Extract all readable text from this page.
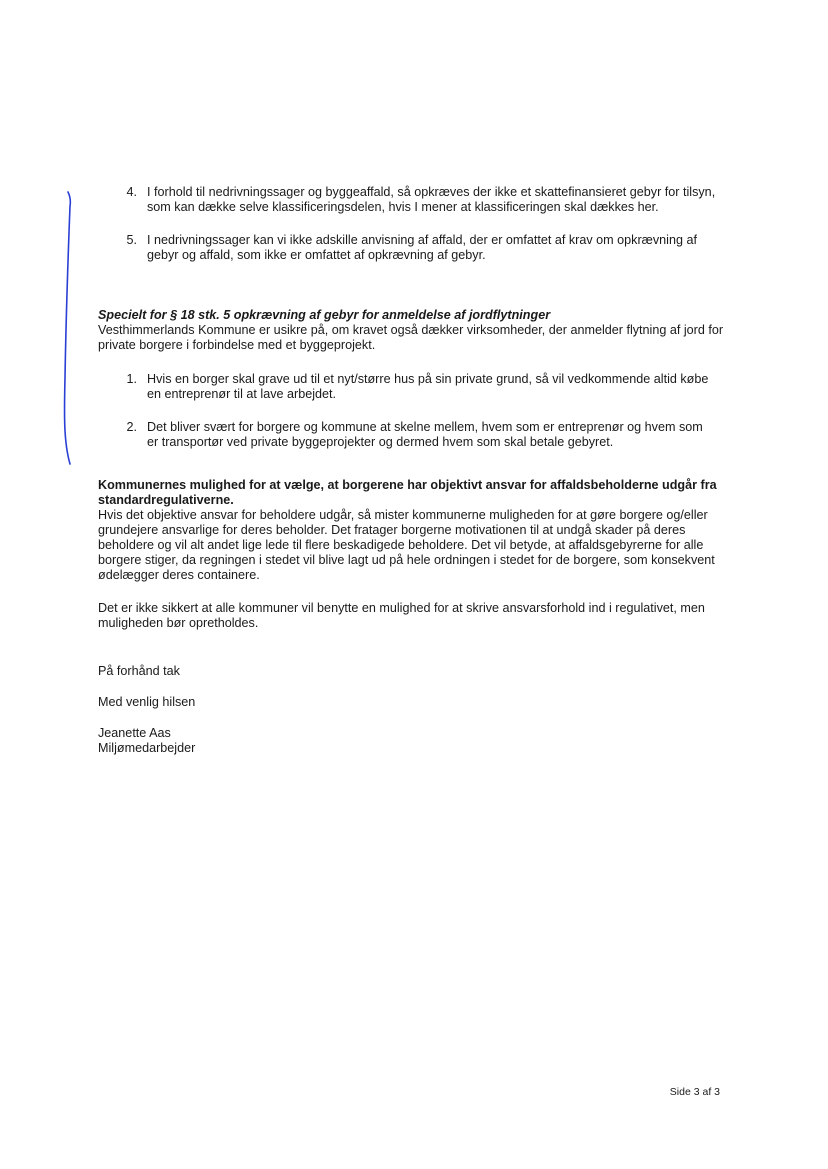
4. I forhold til nedrivningssager og byggeaffald, så opkræves der ikke et skattefinansieret gebyr for tilsyn, som kan dække selve klassificeringsdelen, hvis I mener at klassificeringen skal dækkes her.
5. I nedrivningssager kan vi ikke adskille anvisning af affald, der er omfattet af krav om opkrævning af gebyr og affald, som ikke er omfattet af opkrævning af gebyr.
Specielt for § 18 stk. 5 opkrævning af gebyr for anmeldelse af jordflytninger
Vesthimmerlands Kommune er usikre på, om kravet også dækker virksomheder, der anmelder flytning af jord for private borgere i forbindelse med et byggeprojekt.
1. Hvis en borger skal grave ud til et nyt/større hus på sin private grund, så vil vedkommende altid købe en entreprenør til at lave arbejdet.
2. Det bliver svært for borgere og kommune at skelne mellem, hvem som er entreprenør og hvem som er transportør ved private byggeprojekter og dermed hvem som skal betale gebyret.
Kommunernes mulighed for at vælge, at borgerene har objektivt ansvar for affaldsbeholderne udgår fra standardregulativerne.
Hvis det objektive ansvar for beholdere udgår, så mister kommunerne muligheden for at gøre borgere og/eller grundejere ansvarlige for deres beholder. Det fratager borgerne motivationen til at undgå skader på deres beholdere og vil alt andet lige lede til flere beskadigede beholdere. Det vil betyde, at affaldsgebyrerne for alle borgere stiger, da regningen i stedet vil blive lagt ud på hele ordningen i stedet for de borgere, som konsekvent ødelægger deres containere.
Det er ikke sikkert at alle kommuner vil benytte en mulighed for at skrive ansvarsforhold ind i regulativet, men muligheden bør opretholdes.
På forhånd tak
Med venlig hilsen
Jeanette Aas
Miljømedarbejder
Side 3 af 3
